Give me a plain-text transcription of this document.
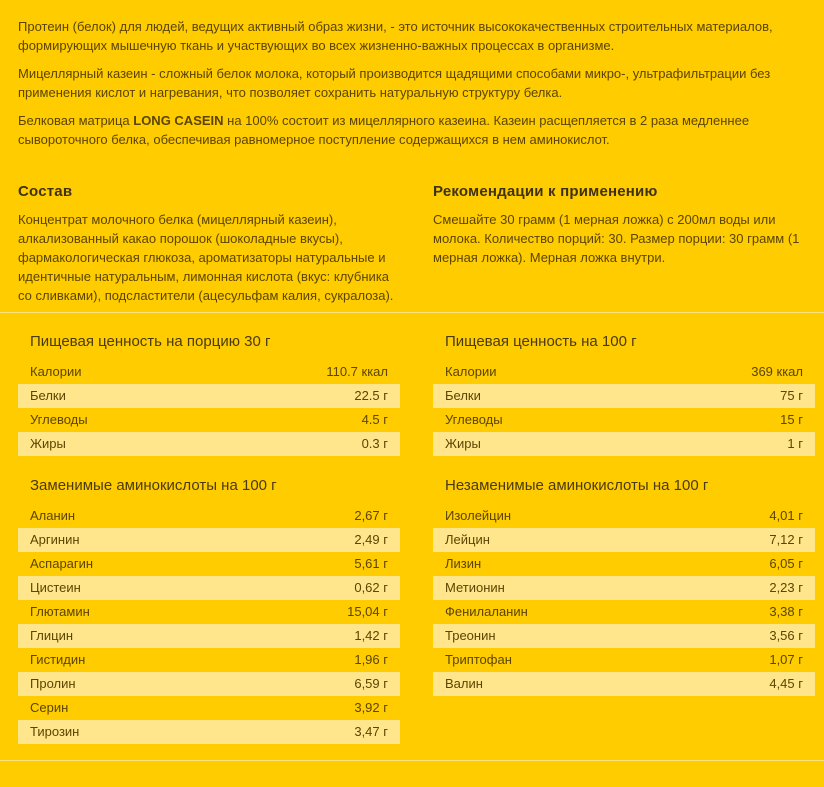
Протеин (белок) для людей, ведущих активный образ жизни, - это источник высококачественных строительных материалов, формирующих мышечную ткань и участвующих во всех жизненно-важных процессах в организме.

Мицеллярный казеин - сложный белок молока, который производится щадящими способами микро-, ультрафильтрации без применения кислот и нагревания, что позволяет сохранить натуральную структуру белка.

Белковая матрица LONG CASEIN на 100% состоит из мицеллярного казеина. Казеин расщепляется в 2 раза медленнее сывороточного белка, обеспечивая равномерное поступление содержащихся в нем аминокислот.

Состав
Концентрат молочного белка (мицеллярный казеин), алкализованный какао порошок (шоколадные вкусы), фармакологическая глюкоза, ароматизаторы натуральные и идентичные натуральным, лимонная кислота (вкус: клубника со сливками), подсластители (ацесульфам калия, сукралоза).
Рекомендации к применению
Смешайте 30 грамм (1 мерная ложка) с 200мл воды или молока. Количество порций: 30. Размер порции: 30 грамм (1 мерная ложка). Мерная ложка внутри.
Пищевая ценность на порцию 30 г
Калории	110.7 ккал
Белки	22.5 г
Углеводы	4.5 г
Жиры	0.3 г
Пищевая ценность на 100 г
Калории	369 ккал
Белки	75 г
Углеводы	15 г
Жиры	1 г
Заменимые аминокислоты на 100 г
Аланин	2,67 г
Аргинин	2,49 г
Аспарагин	5,61 г
Цистеин	0,62 г
Глютамин	15,04 г
Глицин	1,42 г
Гистидин	1,96 г
Пролин	6,59 г
Серин	3,92 г
Тирозин	3,47 г
Незаменимые аминокислоты на 100 г
Изолейцин	4,01 г
Лейцин	7,12 г
Лизин	6,05 г
Метионин	2,23 г
Фенилаланин	3,38 г
Треонин	3,56 г
Триптофан	1,07 г
Валин	4,45 г
